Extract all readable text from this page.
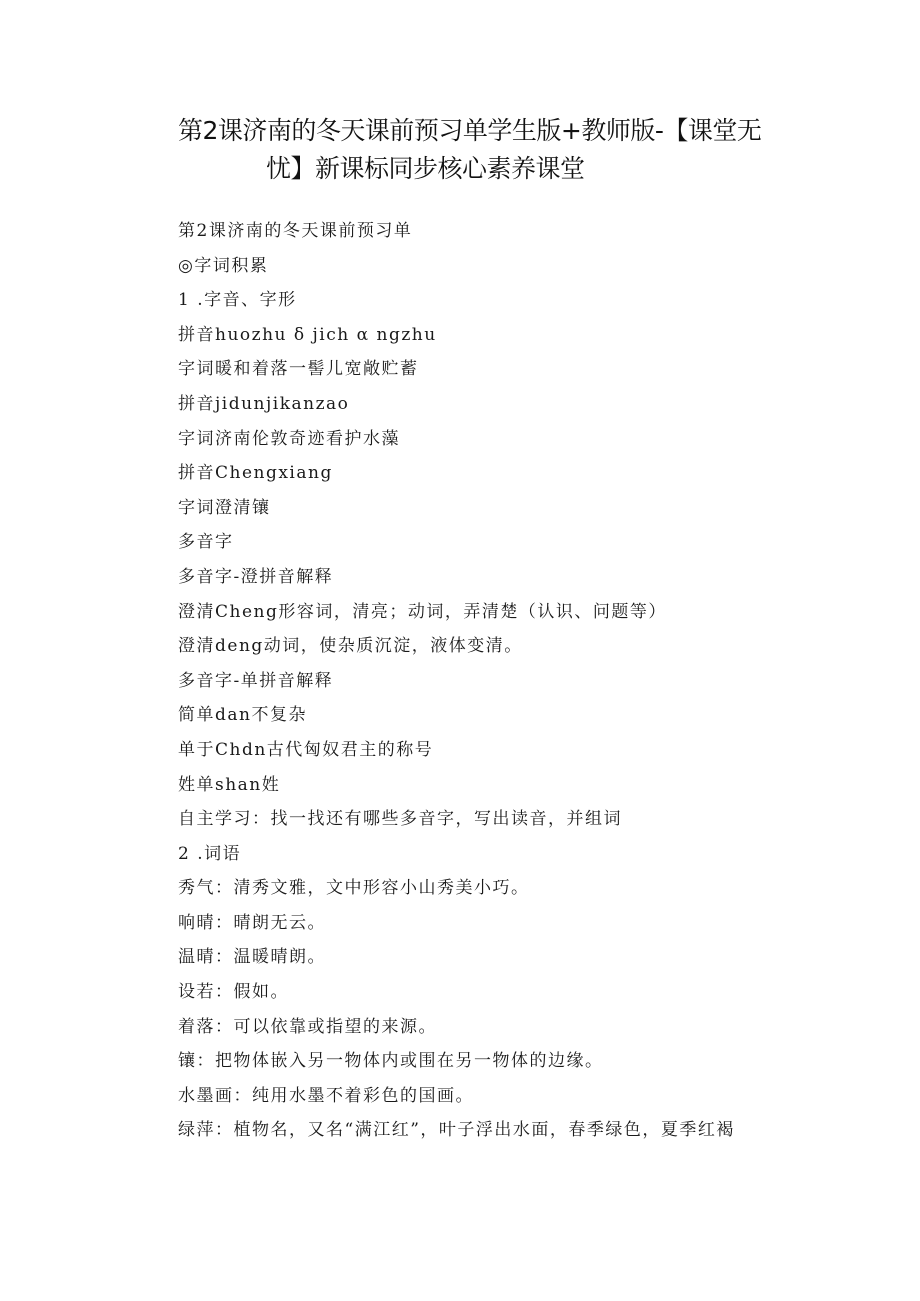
第2课济南的冬天课前预习单学生版+教师版-【课堂无
忧】新课标同步核心素养课堂
第2课济南的冬天课前预习单
◎字词积累
1 .字音、字形
拼音huozhu δ jich α ngzhu
字词暖和着落一髻儿宽敞贮蓄
拼音jidunjikanzao
字词济南伦敦奇迹看护水藻
拼音Chengxiang
字词澄清镶
多音字
多音字-澄拼音解释
澄清Cheng形容词，清亮；动词，弄清楚（认识、问题等）
澄清deng动词，使杂质沉淀，液体变清。
多音字-单拼音解释
简单dan不复杂
单于Chdn古代匈奴君主的称号
姓单shan姓
自主学习：找一找还有哪些多音字，写出读音，并组词
2 .词语
秀气：清秀文雅，文中形容小山秀美小巧。
响晴：晴朗无云。
温晴：温暖晴朗。
设若：假如。
着落：可以依靠或指望的来源。
镶：把物体嵌入另一物体内或围在另一物体的边缘。
水墨画：纯用水墨不着彩色的国画。
绿萍：植物名，又名“满江红”，叶子浮出水面，春季绿色，夏季红褐
